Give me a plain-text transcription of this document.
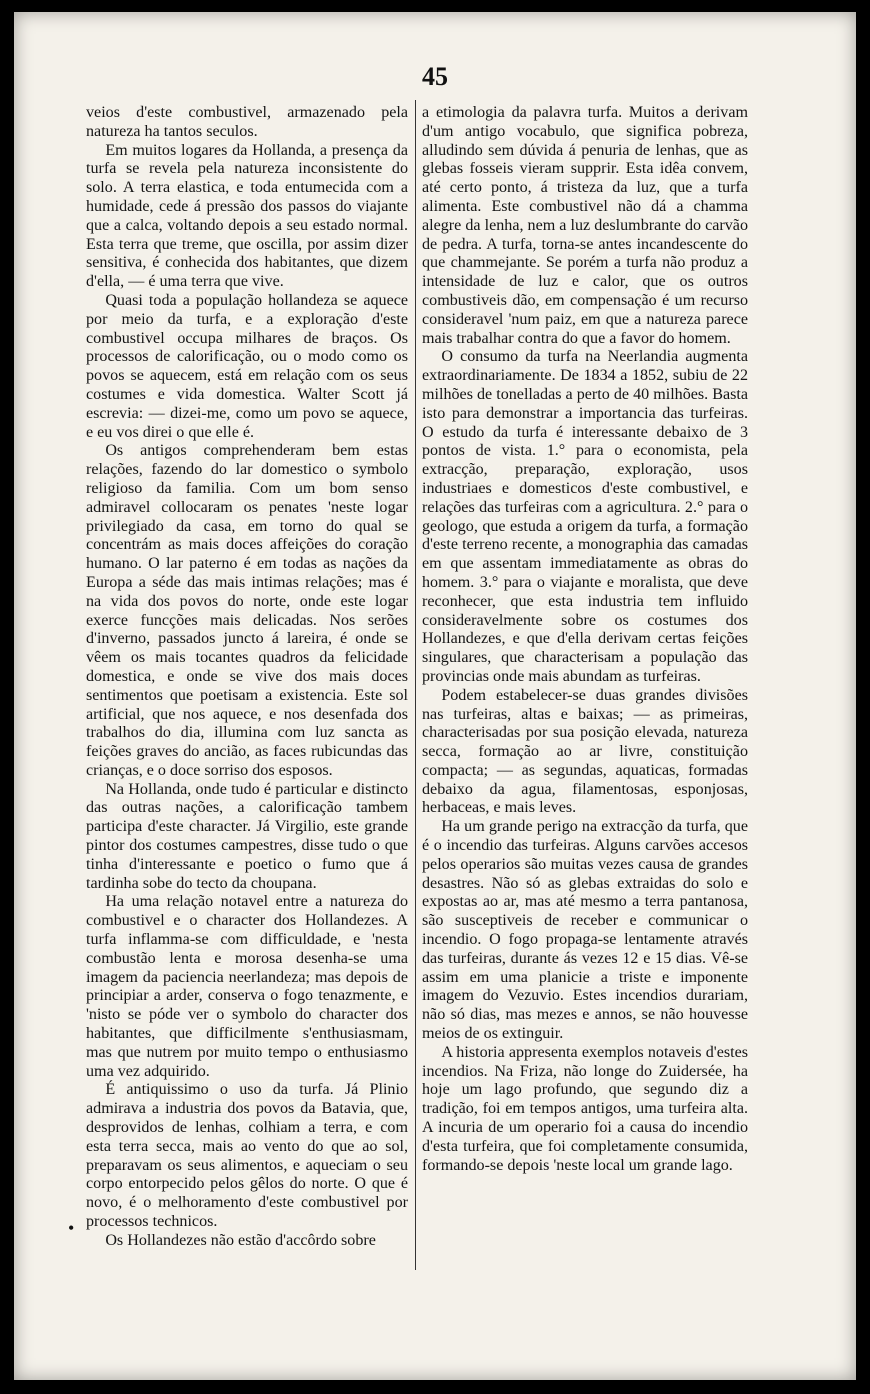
45

veios d'este combustivel, armazenado pela natureza ha tantos seculos.

Em muitos logares da Hollanda, a presença da turfa se revela pela natureza inconsistente do solo. A terra elastica, e toda entumecida com a humidade, cede á pressão dos passos do viajante que a calca, voltando depois a seu estado normal. Esta terra que treme, que oscilla, por assim dizer sensitiva, é conhecida dos habitantes, que dizem d'ella, — é uma terra que vive.

Quasi toda a população hollandeza se aquece por meio da turfa, e a exploração d'este combustivel occupa milhares de braços. Os processos de calorificação, ou o modo como os povos se aquecem, está em relação com os seus costumes e vida domestica. Walter Scott já escrevia: — dizei-me, como um povo se aquece, e eu vos direi o que elle é.

Os antigos comprehenderam bem estas relações, fazendo do lar domestico o symbolo religioso da familia. Com um bom senso admiravel collocaram os penates 'neste logar privilegiado da casa, em torno do qual se concentrám as mais doces affeições do coração humano. O lar paterno é em todas as nações da Europa a séde das mais intimas relações; mas é na vida dos povos do norte, onde este logar exerce funcções mais delicadas. Nos serões d'inverno, passados juncto á lareira, é onde se vêem os mais tocantes quadros da felicidade domestica, e onde se vive dos mais doces sentimentos que poetisam a existencia. Este sol artificial, que nos aquece, e nos desenfada dos trabalhos do dia, illumina com luz sancta as feições graves do ancião, as faces rubicundas das crianças, e o doce sorriso dos esposos.

Na Hollanda, onde tudo é particular e distincto das outras nações, a calorificação tambem participa d'este character. Já Virgilio, este grande pintor dos costumes campestres, disse tudo o que tinha d'interessante e poetico o fumo que á tardinha sobe do tecto da choupana.

Ha uma relação notavel entre a natureza do combustivel e o character dos Hollandezes. A turfa inflamma-se com difficuldade, e 'nesta combustão lenta e morosa desenha-se uma imagem da paciencia neerlandeza; mas depois de principiar a arder, conserva o fogo tenazmente, e 'nisto se póde ver o symbolo do character dos habitantes, que difficilmente s'enthusiasmam, mas que nutrem por muito tempo o enthusiasmo uma vez adquirido.

É antiquissimo o uso da turfa. Já Plinio admirava a industria dos povos da Batavia, que, desprovidos de lenhas, colhiam a terra, e com esta terra secca, mais ao vento do que ao sol, preparavam os seus alimentos, e aqueciam o seu corpo entorpecido pelos gêlos do norte. O que é novo, é o melhoramento d'este combustivel por processos technicos.

Os Hollandezes não estão d'accôrdo sobre

a etimologia da palavra turfa. Muitos a derivam d'um antigo vocabulo, que significa pobreza, alludindo sem dúvida á penuria de lenhas, que as glebas fosseis vieram supprir. Esta idêa convem, até certo ponto, á tristeza da luz, que a turfa alimenta. Este combustivel não dá a chamma alegre da lenha, nem a luz deslumbrante do carvão de pedra. A turfa, torna-se antes incandescente do que chammejante. Se porém a turfa não produz a intensidade de luz e calor, que os outros combustiveis dão, em compensação é um recurso consideravel 'num paiz, em que a natureza parece mais trabalhar contra do que a favor do homem.

O consumo da turfa na Neerlandia augmenta extraordinariamente. De 1834 a 1852, subiu de 22 milhões de tonelladas a perto de 40 milhões. Basta isto para demonstrar a importancia das turfeiras. O estudo da turfa é interessante debaixo de 3 pontos de vista. 1.° para o economista, pela extracção, preparação, exploração, usos industriaes e domesticos d'este combustivel, e relações das turfeiras com a agricultura. 2.° para o geologo, que estuda a origem da turfa, a formação d'este terreno recente, a monographia das camadas em que assentam immediatamente as obras do homem. 3.° para o viajante e moralista, que deve reconhecer, que esta industria tem influido consideravelmente sobre os costumes dos Hollandezes, e que d'ella derivam certas feições singulares, que characterisam a população das provincias onde mais abundam as turfeiras.

Podem estabelecer-se duas grandes divisões nas turfeiras, altas e baixas; — as primeiras, characterisadas por sua posição elevada, natureza secca, formação ao ar livre, constituição compacta; — as segundas, aquaticas, formadas debaixo da agua, filamentosas, esponjosas, herbaceas, e mais leves.

Ha um grande perigo na extracção da turfa, que é o incendio das turfeiras. Alguns carvões accesos pelos operarios são muitas vezes causa de grandes desastres. Não só as glebas extraidas do solo e expostas ao ar, mas até mesmo a terra pantanosa, são susceptiveis de receber e communicar o incendio. O fogo propaga-se lentamente através das turfeiras, durante ás vezes 12 e 15 dias. Vê-se assim em uma planicie a triste e imponente imagem do Vezuvio. Estes incendios durariam, não só dias, mas mezes e annos, se não houvesse meios de os extinguir.

A historia appresenta exemplos notaveis d'estes incendios. Na Friza, não longe do Zuidersée, ha hoje um lago profundo, que segundo diz a tradição, foi em tempos antigos, uma turfeira alta. A incuria de um operario foi a causa do incendio d'esta turfeira, que foi completamente consumida, formando-se depois 'neste local um grande lago.

•
